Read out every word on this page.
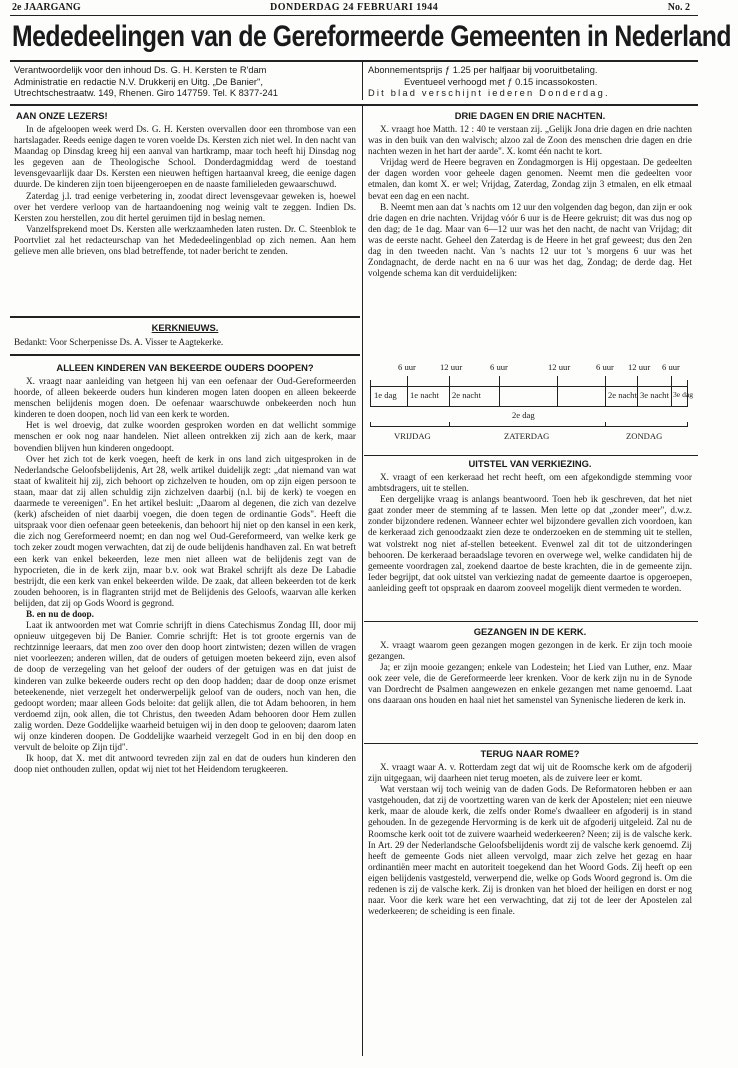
2e JAARGANG	DONDERDAG 24 FEBRUARI 1944	No. 2
Mededeelingen van de Gereformeerde Gemeenten in Nederland
Verantwoordelijk voor den inhoud Ds. G. H. Kersten te R'dam
Administratie en redactie N.V. Drukkerij en Uitg. „De Banier",
Utrechtschestraatw. 149, Rhenen. Giro 147759. Tel. K 8377-241
Abonnementsprijs ƒ 1.25 per halfjaar bij vooruitbetaling.
Eventueel verhoogd met ƒ 0.15 incassokosten.
Dit blad verschijnt iederen Donderdag.
AAN ONZE LEZERS!

In de afgeloopen week werd Ds. G. H. Kersten overvallen door een thrombose van een hartslagader. Reeds eenige dagen te voren voelde Ds. Kersten zich niet wel. In den nacht van Maandag op Dinsdag kreeg hij een aanval van hartkramp, maar toch heeft hij Dinsdag nog les gegeven aan de Theologische School. Donderdagmiddag werd de toestand levensgevaarlijk daar Ds. Kersten een nieuwen heftigen hartaanval kreeg, die eenige dagen duurde. De kinderen zijn toen bijeengeroepen en de naaste familieleden gewaarschuwd.

Zaterdag j.l. trad eenige verbetering in, zoodat direct levensgevaar geweken is, hoewel over het verdere verloop van de hartaandoening nog weinig valt te zeggen. Indien Ds. Kersten zou herstellen, zou dit hertel geruimen tijd in beslag nemen.

Vanzelfsprekend moet Ds. Kersten alle werkzaamheden laten rusten. Dr. C. Steenblok te Poortvliet zal het redacteurschap van het Mededeelingenblad op zich nemen. Aan hem gelieve men alle brieven, ons blad betreffende, tot nader bericht te zenden.

KERKNIEUWS.

Bedankt: Voor Scherpenisse Ds. A. Visser te Aagtekerke.

ALLEEN KINDEREN VAN BEKEERDE OUDERS DOOPEN?

X. vraagt naar aanleiding van hetgeen hij van een oefenaar der Oud-Gereformeerden hoorde, of alleen bekeerde ouders hun kinderen mogen laten doopen en alleen bekeerde menschen belijdenis mogen doen. De oefenaar waarschuwde onbekeerden noch hun kinderen te doen doopen, noch lid van een kerk te worden.

Het is wel droevig, dat zulke woorden gesproken worden en dat wellicht sommige menschen er ook nog naar handelen. Niet alleen ontrekken zij zich aan de kerk, maar bovendien blijven hun kinderen ongedoopt.

Over het zich tot de kerk voegen, heeft de kerk in ons land zich uitgesproken in de Nederlandsche Geloofsbelijdenis, Art 28, welk artikel duidelijk zegt: „dat niemand van wat staat of kwaliteit hij zij, zich behoort op zichzelven te houden, om op zijn eigen persoon te staan, maar dat zij allen schuldig zijn zichzelven daarbij (n.l. bij de kerk) te voegen en daarmede te vereenigen". En het artikel besluit: „Daarom al degenen, die zich van dezelve (kerk) afscheiden of niet daarbij voegen, die doen tegen de ordinantie Gods". Heeft die uitspraak voor dien oefenaar geen beteekenis, dan behoort hij niet op den kansel in een kerk, die zich nog Gereformeerd noemt; en dan nog wel Oud-Gereformeerd, van welke kerk ge toch zeker zoudt mogen verwachten, dat zij de oude belijdenis handhaven zal. En wat betreft een kerk van enkel bekeerden, leze men niet alleen wat de belijdenis zegt van de hypocrieten, die in de kerk zijn, maar b.v. ook wat Brakel schrijft als deze De Labadie bestrijdt, die een kerk van enkel bekeerden wilde. De zaak, dat alleen bekeerden tot de kerk zouden behooren, is in flagranten strijd met de Belijdenis des Geloofs, waarvan alle kerken belijden, dat zij op Gods Woord is gegrond.

B. en nu de doop.

Laat ik antwoorden met wat Comrie schrijft in diens Catechismus Zondag III, door mij opnieuw uitgegeven bij De Banier. Comrie schrijft: Het is tot groote ergernis van de rechtzinnige leeraars, dat men zoo over den doop hoort zintwisten; dezen willen de vragen niet voorleezen; anderen willen, dat de ouders of getuigen moeten bekeerd zijn, even alsof de doop de verzegeling van het geloof der ouders of der getuigen was en dat juist de kinderen van zulke bekeerde ouders recht op den doop hadden; daar de doop onze erismet beteekenende, niet verzegelt het onderwerpelijk geloof van de ouders, noch van hen, die gedoopt worden; maar alleen Gods beloite: dat gelijk allen, die tot Adam behooren, in hem verdoemd zijn, ook allen, die tot Christus, den tweeden Adam behooren door Hem zullen zalig worden. Deze Goddelijke waarheid betuigen wij in den doop te gelooven; daarom laten wij onze kinderen doopen. De Goddelijke waarheid verzegelt God in en bij den doop en vervult de beloite op Zijn tijd".

Ik hoop, dat X. met dit antwoord tevreden zijn zal en dat de ouders hun kinderen den doop niet onthouden zullen, opdat wij niet tot het Heidendom terugkeeren.

DRIE DAGEN EN DRIE NACHTEN.

X. vraagt hoe Matth. 12 : 40 te verstaan zij. „Gelijk Jona drie dagen en drie nachten was in den buik van den walvisch; alzoo zal de Zoon des menschen drie dagen en drie nachten wezen in het hart der aarde". X. komt één nacht te kort.

Vrijdag werd de Heere begraven en Zondagmorgen is Hij opgestaan. De gedeelten der dagen worden voor geheele dagen genomen. Neemt men die gedeelten voor etmalen, dan komt X. er wel; Vrijdag, Zaterdag, Zondag zijn 3 etmalen, en elk etmaal bevat een dag en een nacht.

B. Neemt men aan dat 's nachts om 12 uur den volgenden dag begon, dan zijn er ook drie dagen en drie nachten. Vrijdag vóór 6 uur is de Heere gekruist; dit was dus nog op den dag; de 1e dag. Maar van 6—12 uur was het den nacht, de nacht van Vrijdag; dit was de eerste nacht. Geheel den Zaterdag is de Heere in het graf geweest; dus den 2en dag in den tweeden nacht. Van 's nachts 12 uur tot 's morgens 6 uur was het Zondagnacht, de derde nacht en na 6 uur was het dag, Zondag; de derde dag. Het volgende schema kan dit verduidelijken:

6 uur	12 uur	6 uur	12 uur	6 uur 12 uur 6 uur
1e dag 1e nacht 2e nacht	2e nacht 3e nacht 3e dag
2e dag
VRIJDAG	ZATERDAG	ZONDAG
UITSTEL VAN VERKIEZING.

X. vraagt of een kerkeraad het recht heeft, om een afgekondigde stemming voor ambtsdragers, uit te stellen.

Een dergelijke vraag is anlangs beantwoord. Toen heb ik geschreven, dat het niet gaat zonder meer de stemming af te lassen. Men lette op dat „zonder meer", d.w.z. zonder bijzondere redenen. Wanneer echter wel bijzondere gevallen zich voordoen, kan de kerkeraad zich genoodzaakt zien deze te onderzoeken en de stemming uit te stellen, wat volstrekt nog niet af-stellen beteekent. Evenwel zal dit tot de uitzonderingen behooren. De kerkeraad beraadslage tevoren en overwege wel, welke candidaten hij de gemeente voordragen zal, zoekend daartoe de beste krachten, die in de gemeente zijn. Ieder begrijpt, dat ook uitstel van verkiezing nadat de gemeente daartoe is opgeroepen, aanleiding geeft tot opspraak en daarom zooveel mogelijk dient vermeden te worden.

GEZANGEN IN DE KERK.

X. vraagt waarom geen gezangen mogen gezongen in de kerk. Er zijn toch mooie gezangen.

Ja; er zijn mooie gezangen; enkele van Lodestein; het Lied van Luther, enz. Maar ook zeer vele, die de Gereformeerde leer krenken. Voor de kerk zijn nu in de Synode van Dordrecht de Psalmen aangewezen en enkele gezangen met name genoemd. Laat ons daaraan ons houden en haal niet het samenstel van Synenische liederen de kerk in.

TERUG NAAR ROME?

X. vraagt waar A. v. Rotterdam zegt dat wij uit de Roomsche kerk om de afgoderij zijn uitgegaan, wij daarheen niet terug moeten, als de zuivere leer er komt.

Wat verstaan wij toch weinig van de daden Gods. De Reformatoren hebben er aan vastgehouden, dat zij de voortzetting waren van de kerk der Apostelen; niet een nieuwe kerk, maar de aloude kerk, die zelfs onder Rome's dwaalleer en afgoderij is in stand gehouden. In de gezegende Hervorming is de kerk uit de afgoderij uitgeleid. Zal nu de Roomsche kerk ooit tot de zuivere waarheid wederkeeren? Neen; zij is de valsche kerk. In Art. 29 der Nederlandsche Geloofsbelijdenis wordt zij de valsche kerk genoemd. Zij heeft de gemeente Gods niet alleen vervolgd, maar zich zelve het gezag en haar ordinantiën meer macht en autoriteit toegekend dan het Woord Gods. Zij heeft op een eigen belijdenis vastgesteld, verwerpend die, welke op Gods Woord gegrond is. Om die redenen is zij de valsche kerk. Zij is dronken van het bloed der heiligen en dorst er nog naar. Voor die kerk ware het een verwachting, dat zij tot de leer der Apostelen zal wederkeeren; de scheiding is een finale.
